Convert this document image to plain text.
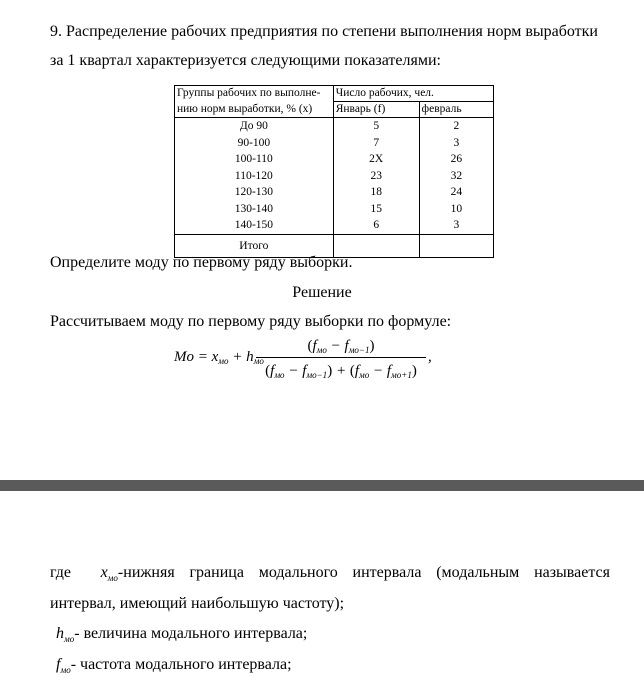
9. Распределение рабочих предприятия по степени выполнения норм выработки
за 1 квартал характеризуется следующими показателями:
Группы рабочих по выполне-	Число рабочих, чел.	
нию норм выработки, % (х)	Январь (f)	февраль
До 90	5	2
90-100	7	3
100-110	2X	26
110-120	23	32
120-130	18	24
130-140	15	10
140-150	6	3
Итого		
Определите моду по первому ряду выборки.
Решение
Рассчитываем моду по первому ряду выборки по формуле:
$Mo = x_{мо} + h_{мо}$
$(f_{мо} - f_{мо-1})$
$(f_{мо} - f_{мо-1}) + (f_{мо} - f_{мо+1})$
,
где  $x_{мо}$-нижняя граница модального интервала (модальным называется
интервал, имеющий наибольшую частоту);
$h_{мо}-$ величина модального интервала;
$f_{мо}-$ частота модального интервала;
